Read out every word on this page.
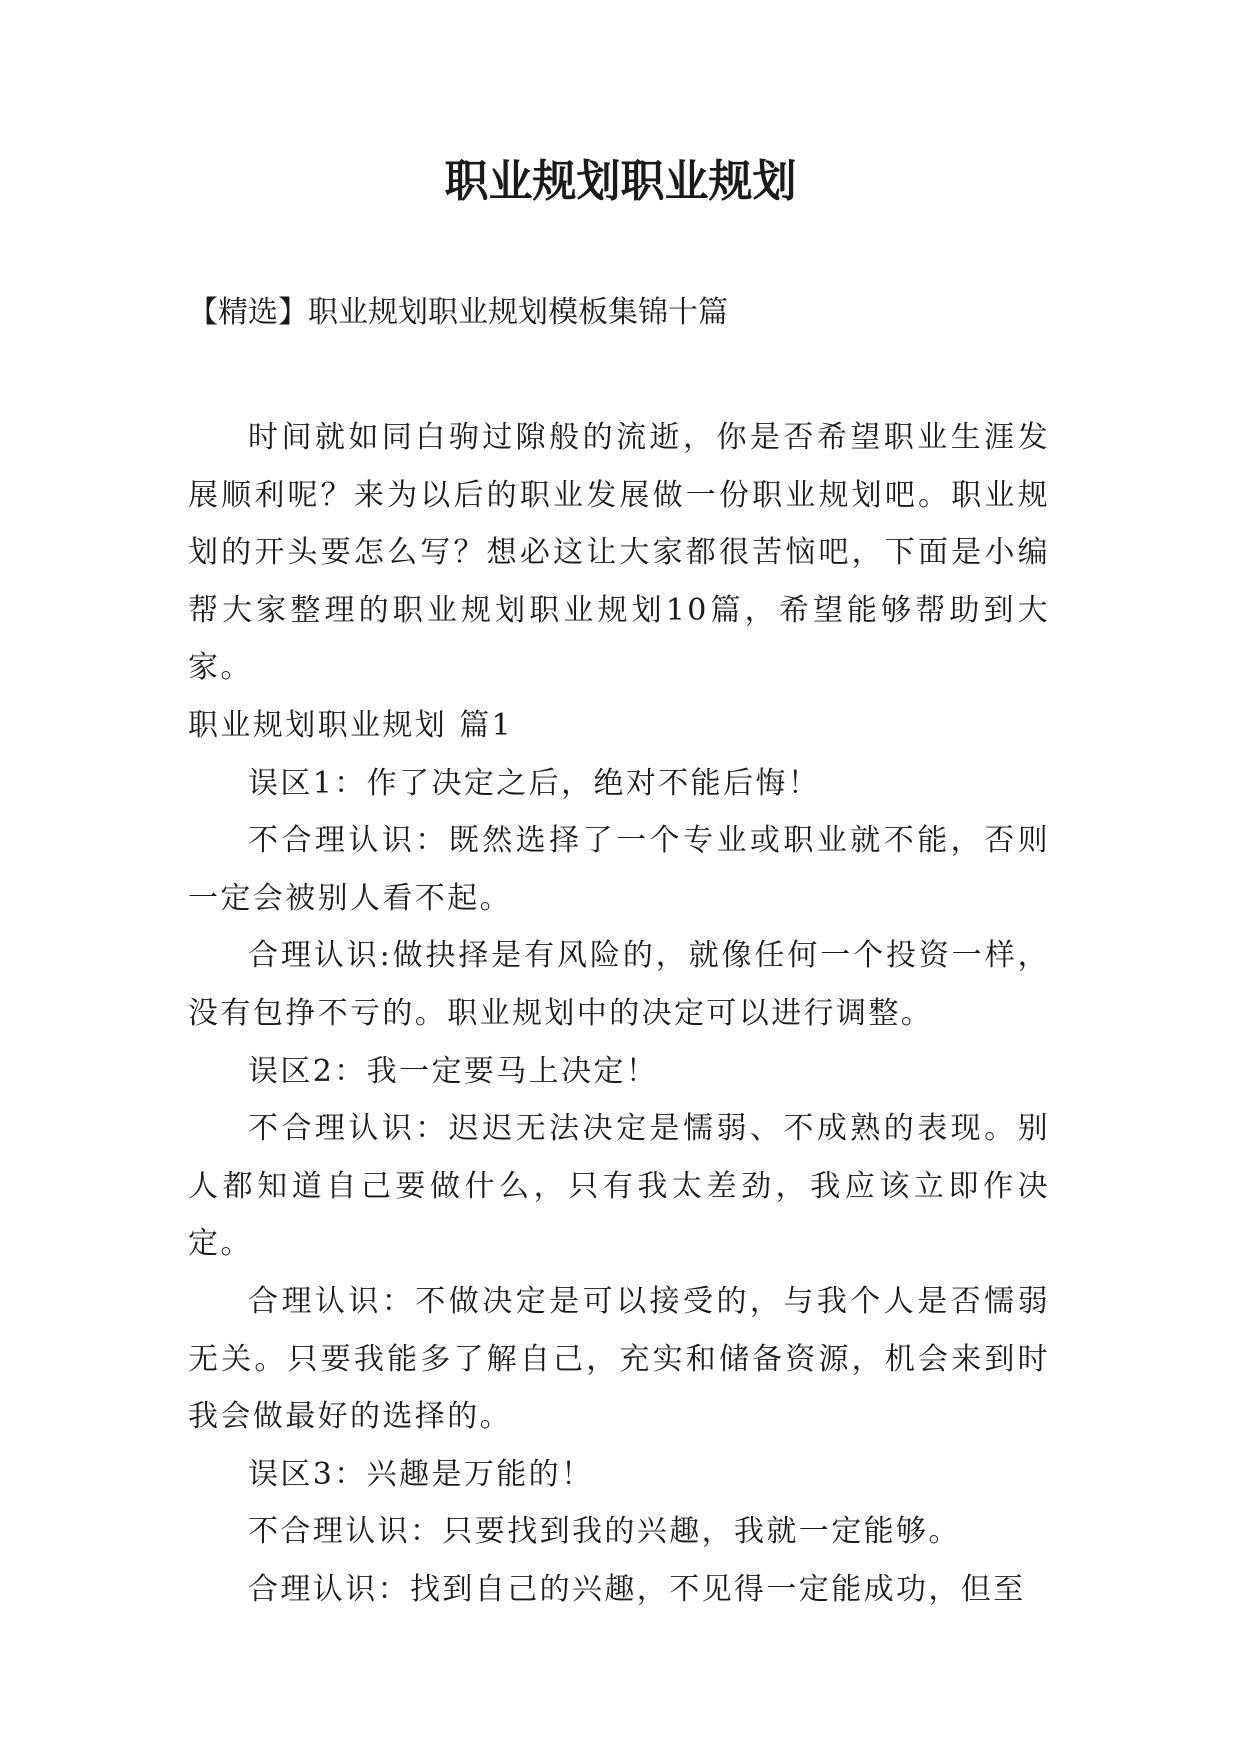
职业规划职业规划
【精选】职业规划职业规划模板集锦十篇

时间就如同白驹过隙般的流逝，你是否希望职业生涯发展顺利呢？来为以后的职业发展做一份职业规划吧。职业规划的开头要怎么写？想必这让大家都很苦恼吧，下面是小编帮大家整理的职业规划职业规划10篇，希望能够帮助到大家。

职业规划职业规划 篇1

误区1：作了决定之后，绝对不能后悔！

不合理认识：既然选择了一个专业或职业就不能，否则一定会被别人看不起。

合理认识:做抉择是有风险的，就像任何一个投资一样，没有包挣不亏的。职业规划中的决定可以进行调整。

误区2：我一定要马上决定！

不合理认识：迟迟无法决定是懦弱、不成熟的表现。别人都知道自己要做什么，只有我太差劲，我应该立即作决定。

合理认识：不做决定是可以接受的，与我个人是否懦弱无关。只要我能多了解自己，充实和储备资源，机会来到时我会做最好的选择的。

误区3：兴趣是万能的！

不合理认识：只要找到我的兴趣，我就一定能够。

合理认识：找到自己的兴趣，不见得一定能成功，但至
